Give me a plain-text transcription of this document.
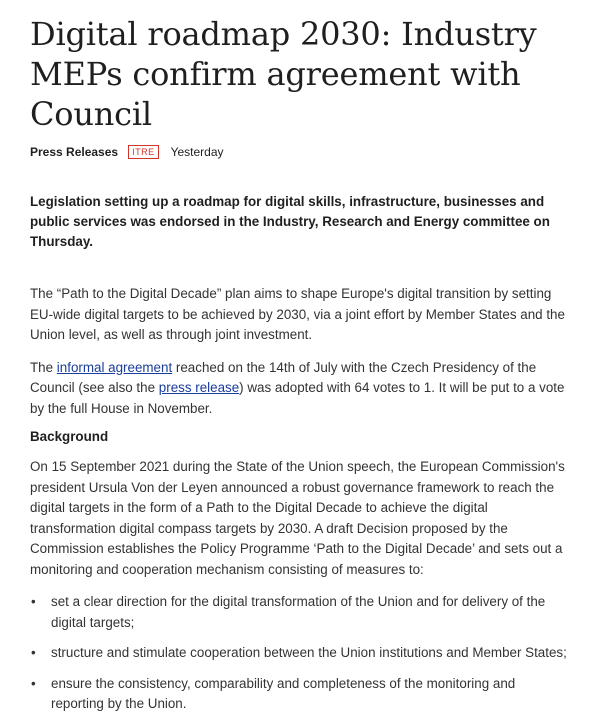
Digital roadmap 2030: Industry MEPs confirm agreement with Council
Press Releases	ITRE	Yesterday

Legislation setting up a roadmap for digital skills, infrastructure, businesses and public services was endorsed in the Industry, Research and Energy committee on Thursday.

The “Path to the Digital Decade” plan aims to shape Europe's digital transition by setting EU-wide digital targets to be achieved by 2030, via a joint effort by Member States and the Union level, as well as through joint investment.

The informal agreement reached on the 14th of July with the Czech Presidency of the Council (see also the press release) was adopted with 64 votes to 1. It will be put to a vote by the full House in November.

Background

On 15 September 2021 during the State of the Union speech, the European Commission's president Ursula Von der Leyen announced a robust governance framework to reach the digital targets in the form of a Path to the Digital Decade to achieve the digital transformation digital compass targets by 2030. A draft Decision proposed by the Commission establishes the Policy Programme ‘Path to the Digital Decade’ and sets out a monitoring and cooperation mechanism consisting of measures to:

• set a clear direction for the digital transformation of the Union and for delivery of the digital targets;
• structure and stimulate cooperation between the Union institutions and Member States;
• ensure the consistency, comparability and completeness of the monitoring and reporting by the Union.
